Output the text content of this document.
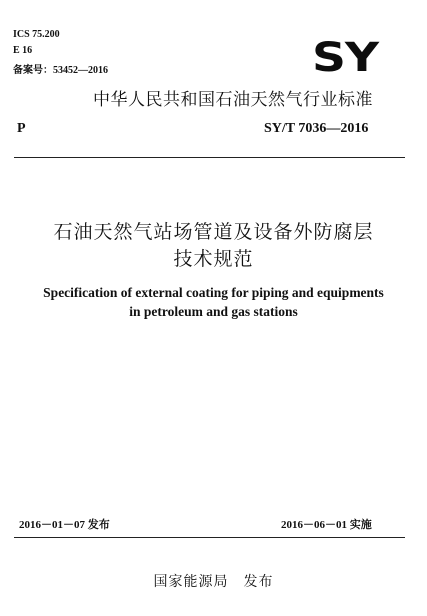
ICS 75.200
E 16
备案号：53452—2016	SY
中华人民共和国石油天然气行业标准
P	SY/T 7036—2016
石油天然气站场管道及设备外防腐层
技术规范
Specification of external coating for piping and equipments
in petroleum and gas stations
2016－01－07 发布	2016－06－01 实施
国家能源局　发布
